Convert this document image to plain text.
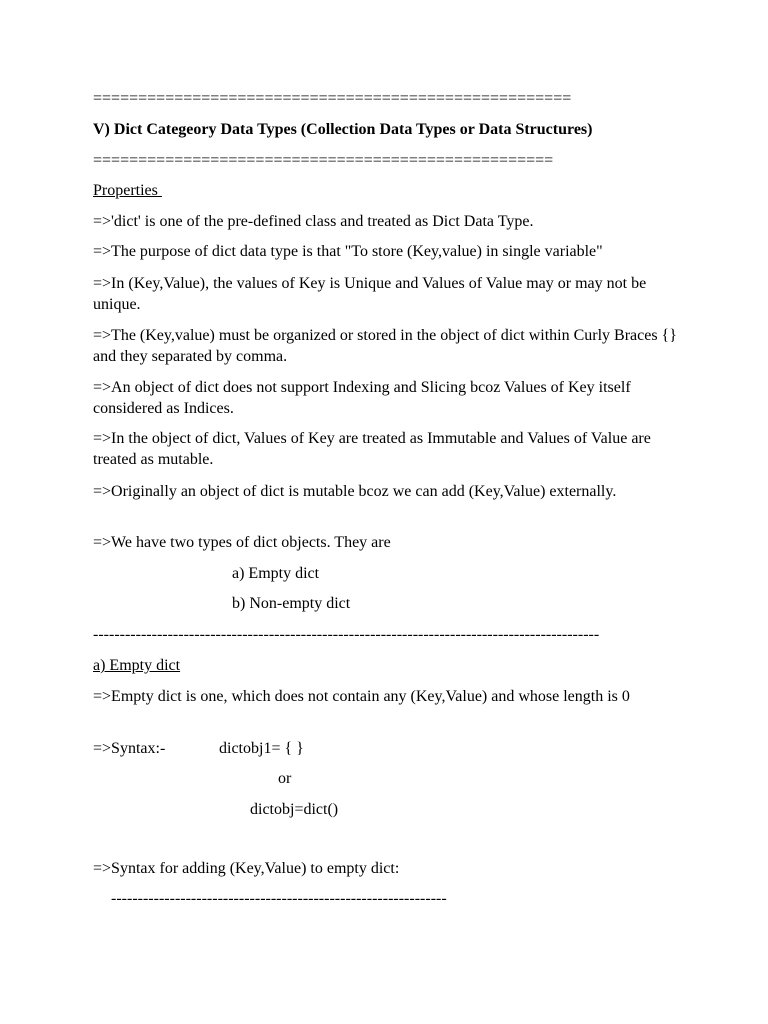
=====================================================
V) Dict Categeory Data Types (Collection Data Types or Data Structures)
===================================================
Properties
=>'dict' is one of the pre-defined class and treated as Dict Data Type.
=>The purpose of dict data type is that "To store (Key,value) in single variable"
=>In (Key,Value), the values of Key is Unique and Values of Value may or may not be unique.
=>The (Key,value) must be organized or stored in the object of dict within Curly Braces {} and they separated by comma.
=>An object of dict does not support Indexing and Slicing bcoz Values of Key itself considered as Indices.
=>In the object of dict, Values of Key are treated as Immutable and Values of Value are treated as mutable.
=>Originally an object of dict is mutable bcoz we can add (Key,Value) externally.
=>We have two types of dict objects. They are
a) Empty dict
b) Non-empty dict
-----------------------------------------------------------------------------------------------
a) Empty dict
=>Empty dict is one, which does not contain any (Key,Value) and whose length is 0
=>Syntax:-	dictobj1= { }
or
dictobj=dict()
=>Syntax for adding (Key,Value) to empty dict:
---------------------------------------------------------------
